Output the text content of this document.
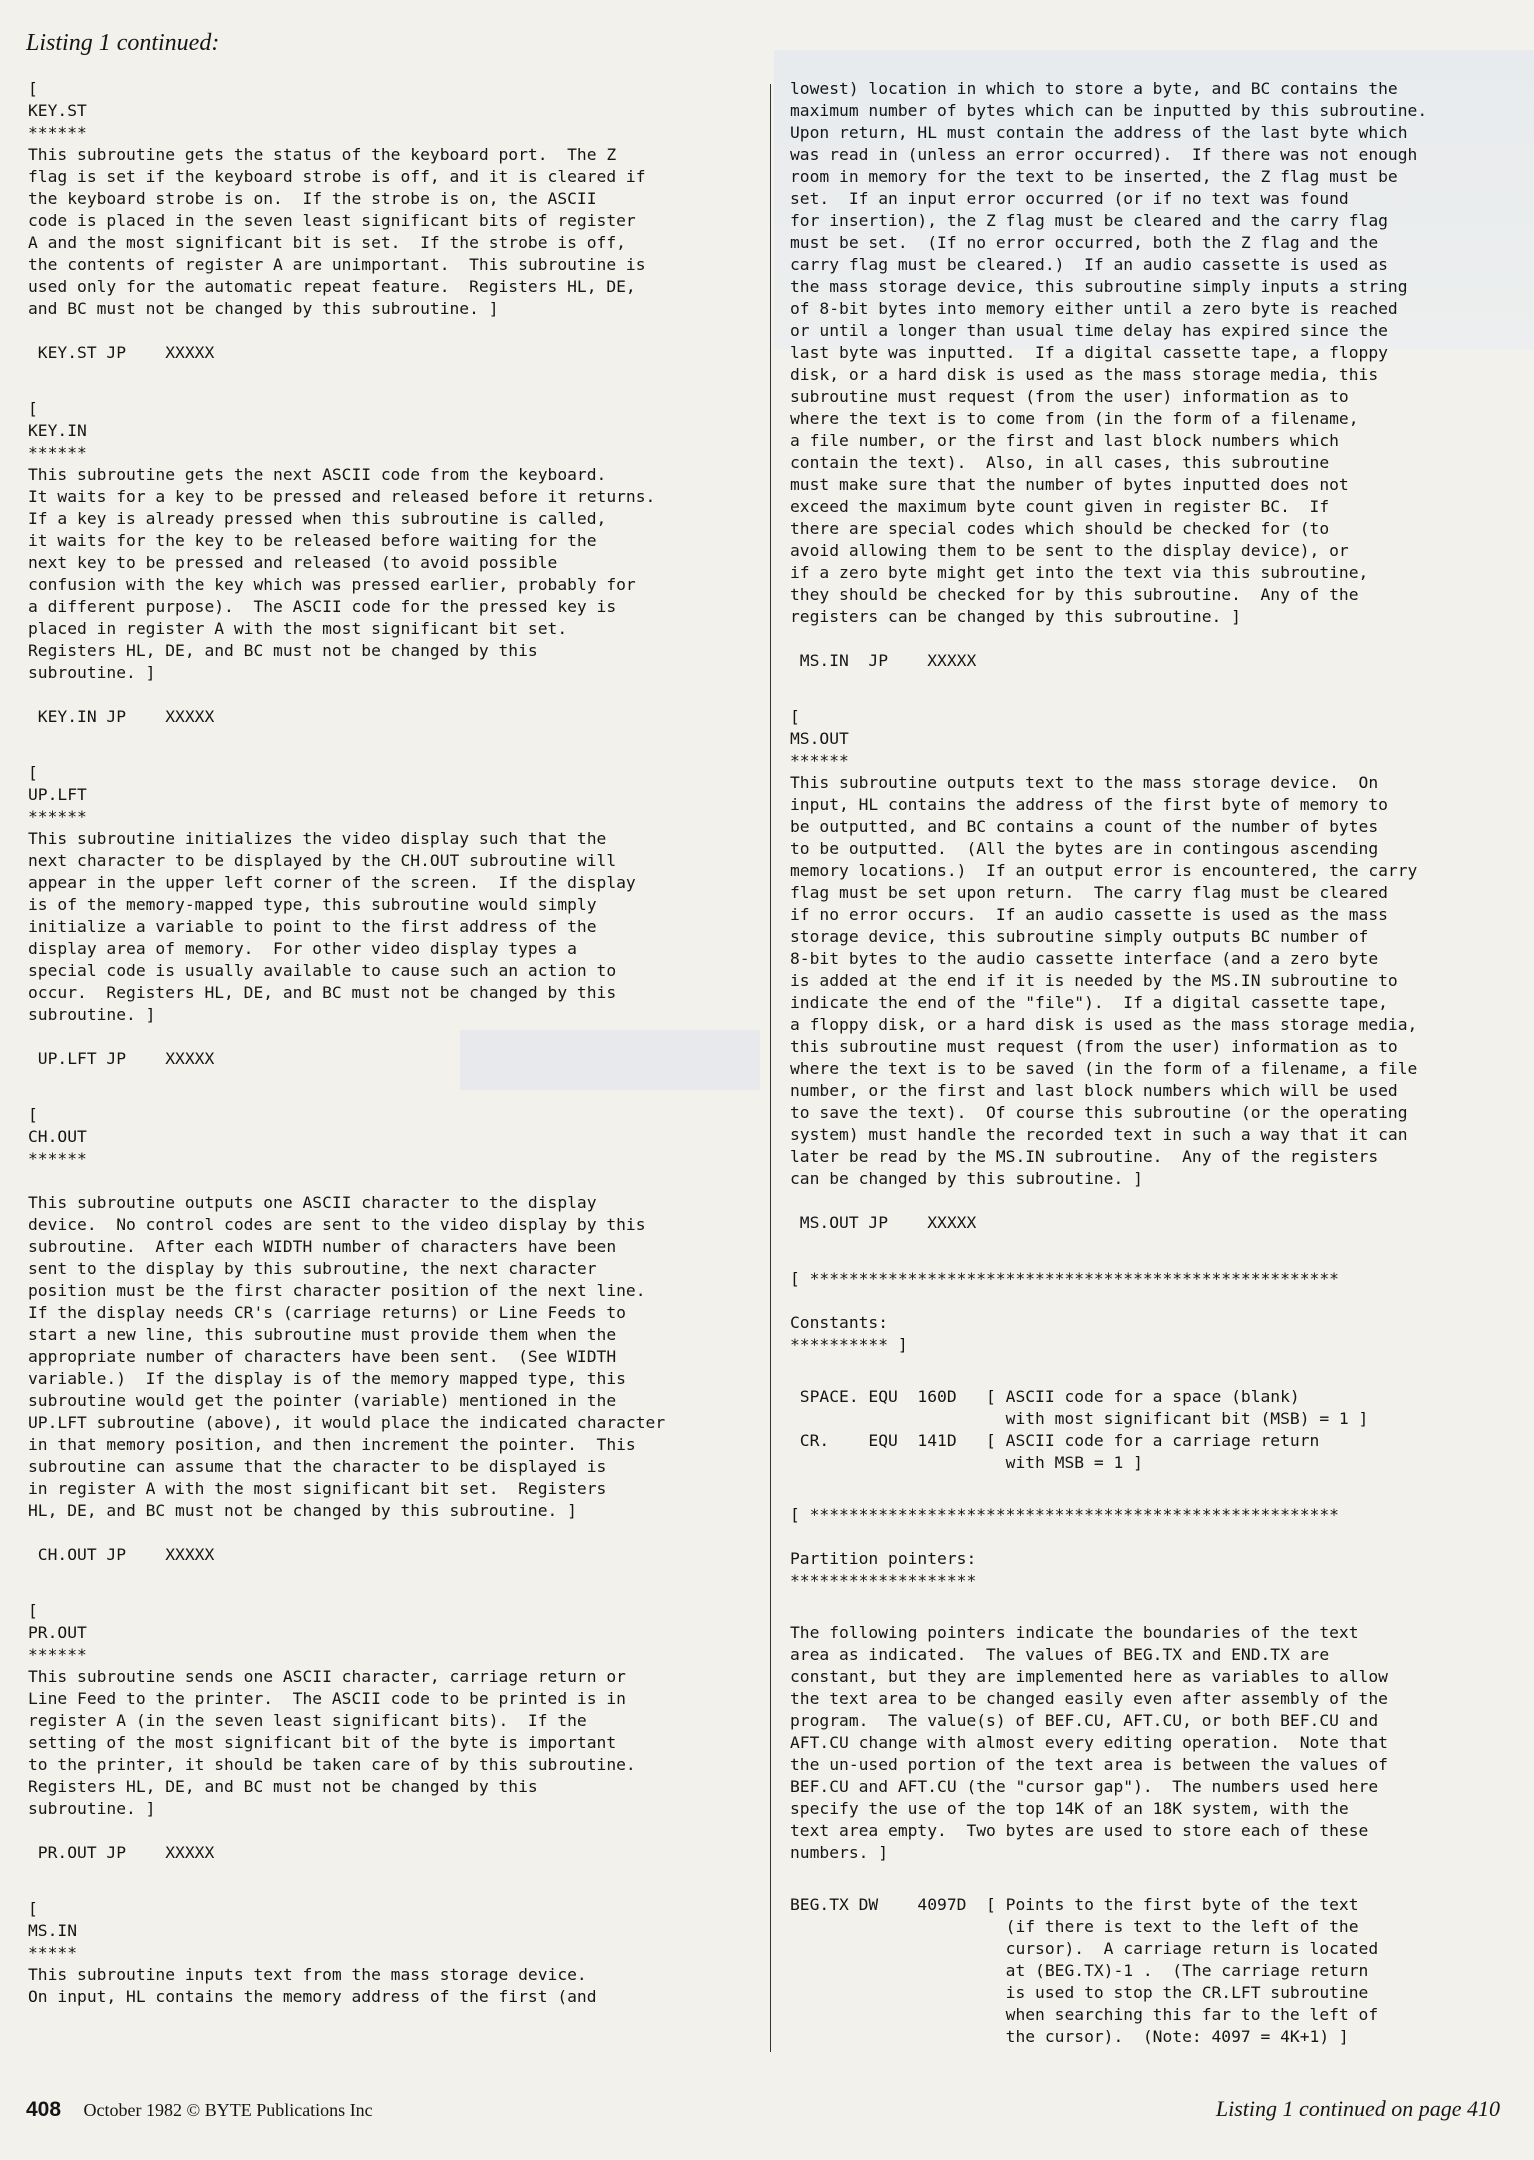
Listing 1 continued:
[
KEY.ST
******
This subroutine gets the status of the keyboard port.  The Z
flag is set if the keyboard strobe is off, and it is cleared if
the keyboard strobe is on.  If the strobe is on, the ASCII
code is placed in the seven least significant bits of register
A and the most significant bit is set.  If the strobe is off,
the contents of register A are unimportant.  This subroutine is
used only for the automatic repeat feature.  Registers HL, DE,
and BC must not be changed by this subroutine. ]
KEY.ST JP    XXXXX
[
KEY.IN
******
This subroutine gets the next ASCII code from the keyboard.
It waits for a key to be pressed and released before it returns.
If a key is already pressed when this subroutine is called,
it waits for the key to be released before waiting for the
next key to be pressed and released (to avoid possible
confusion with the key which was pressed earlier, probably for
a different purpose).  The ASCII code for the pressed key is
placed in register A with the most significant bit set.
Registers HL, DE, and BC must not be changed by this
subroutine. ]
KEY.IN JP    XXXXX
[
UP.LFT
******
This subroutine initializes the video display such that the
next character to be displayed by the CH.OUT subroutine will
appear in the upper left corner of the screen.  If the display
is of the memory-mapped type, this subroutine would simply
initialize a variable to point to the first address of the
display area of memory.  For other video display types a
special code is usually available to cause such an action to
occur.  Registers HL, DE, and BC must not be changed by this
subroutine. ]
UP.LFT JP    XXXXX
[
CH.OUT
******
This subroutine outputs one ASCII character to the display
device.  No control codes are sent to the video display by this
subroutine.  After each WIDTH number of characters have been
sent to the display by this subroutine, the next character
position must be the first character position of the next line.
If the display needs CR's (carriage returns) or Line Feeds to
start a new line, this subroutine must provide them when the
appropriate number of characters have been sent.  (See WIDTH
variable.)  If the display is of the memory mapped type, this
subroutine would get the pointer (variable) mentioned in the
UP.LFT subroutine (above), it would place the indicated character
in that memory position, and then increment the pointer.  This
subroutine can assume that the character to be displayed is
in register A with the most significant bit set.  Registers
HL, DE, and BC must not be changed by this subroutine. ]
CH.OUT JP    XXXXX
[
PR.OUT
******
This subroutine sends one ASCII character, carriage return or
Line Feed to the printer.  The ASCII code to be printed is in
register A (in the seven least significant bits).  If the
setting of the most significant bit of the byte is important
to the printer, it should be taken care of by this subroutine.
Registers HL, DE, and BC must not be changed by this
subroutine. ]
PR.OUT JP    XXXXX
[
MS.IN
*****
This subroutine inputs text from the mass storage device.
On input, HL contains the memory address of the first (and
lowest) location in which to store a byte, and BC contains the
maximum number of bytes which can be inputted by this subroutine.
Upon return, HL must contain the address of the last byte which
was read in (unless an error occurred).  If there was not enough
room in memory for the text to be inserted, the Z flag must be
set.  If an input error occurred (or if no text was found
for insertion), the Z flag must be cleared and the carry flag
must be set.  (If no error occurred, both the Z flag and the
carry flag must be cleared.)  If an audio cassette is used as
the mass storage device, this subroutine simply inputs a string
of 8-bit bytes into memory either until a zero byte is reached
or until a longer than usual time delay has expired since the
last byte was inputted.  If a digital cassette tape, a floppy
disk, or a hard disk is used as the mass storage media, this
subroutine must request (from the user) information as to
where the text is to come from (in the form of a filename,
a file number, or the first and last block numbers which
contain the text).  Also, in all cases, this subroutine
must make sure that the number of bytes inputted does not
exceed the maximum byte count given in register BC.  If
there are special codes which should be checked for (to
avoid allowing them to be sent to the display device), or
if a zero byte might get into the text via this subroutine,
they should be checked for by this subroutine.  Any of the
registers can be changed by this subroutine. ]
MS.IN  JP    XXXXX
[
MS.OUT
******
This subroutine outputs text to the mass storage device.  On
input, HL contains the address of the first byte of memory to
be outputted, and BC contains a count of the number of bytes
to be outputted.  (All the bytes are in contingous ascending
memory locations.)  If an output error is encountered, the carry
flag must be set upon return.  The carry flag must be cleared
if no error occurs.  If an audio cassette is used as the mass
storage device, this subroutine simply outputs BC number of
8-bit bytes to the audio cassette interface (and a zero byte
is added at the end if it is needed by the MS.IN subroutine to
indicate the end of the "file").  If a digital cassette tape,
a floppy disk, or a hard disk is used as the mass storage media,
this subroutine must request (from the user) information as to
where the text is to be saved (in the form of a filename, a file
number, or the first and last block numbers which will be used
to save the text).  Of course this subroutine (or the operating
system) must handle the recorded text in such a way that it can
later be read by the MS.IN subroutine.  Any of the registers
can be changed by this subroutine. ]
MS.OUT JP    XXXXX
[ ******************************************************
Constants:
********** ]
SPACE. EQU  160D   [ ASCII code for a space (blank)
with most significant bit (MSB) = 1 ]
CR.    EQU  141D   [ ASCII code for a carriage return
with MSB = 1 ]
[ ******************************************************
Partition pointers:
*******************
The following pointers indicate the boundaries of the text
area as indicated.  The values of BEG.TX and END.TX are
constant, but they are implemented here as variables to allow
the text area to be changed easily even after assembly of the
program.  The value(s) of BEF.CU, AFT.CU, or both BEF.CU and
AFT.CU change with almost every editing operation.  Note that
the un-used portion of the text area is between the values of
BEF.CU and AFT.CU (the "cursor gap").  The numbers used here
specify the use of the top 14K of an 18K system, with the
text area empty.  Two bytes are used to store each of these
numbers. ]
BEG.TX DW    4097D  [ Points to the first byte of the text
(if there is text to the left of the
cursor).  A carriage return is located
at (BEG.TX)-1 .  (The carriage return
is used to stop the CR.LFT subroutine
when searching this far to the left of
the cursor).  (Note: 4097 = 4K+1) ]
408 October 1982 © BYTE Publications Inc	Listing 1 continued on page 410
